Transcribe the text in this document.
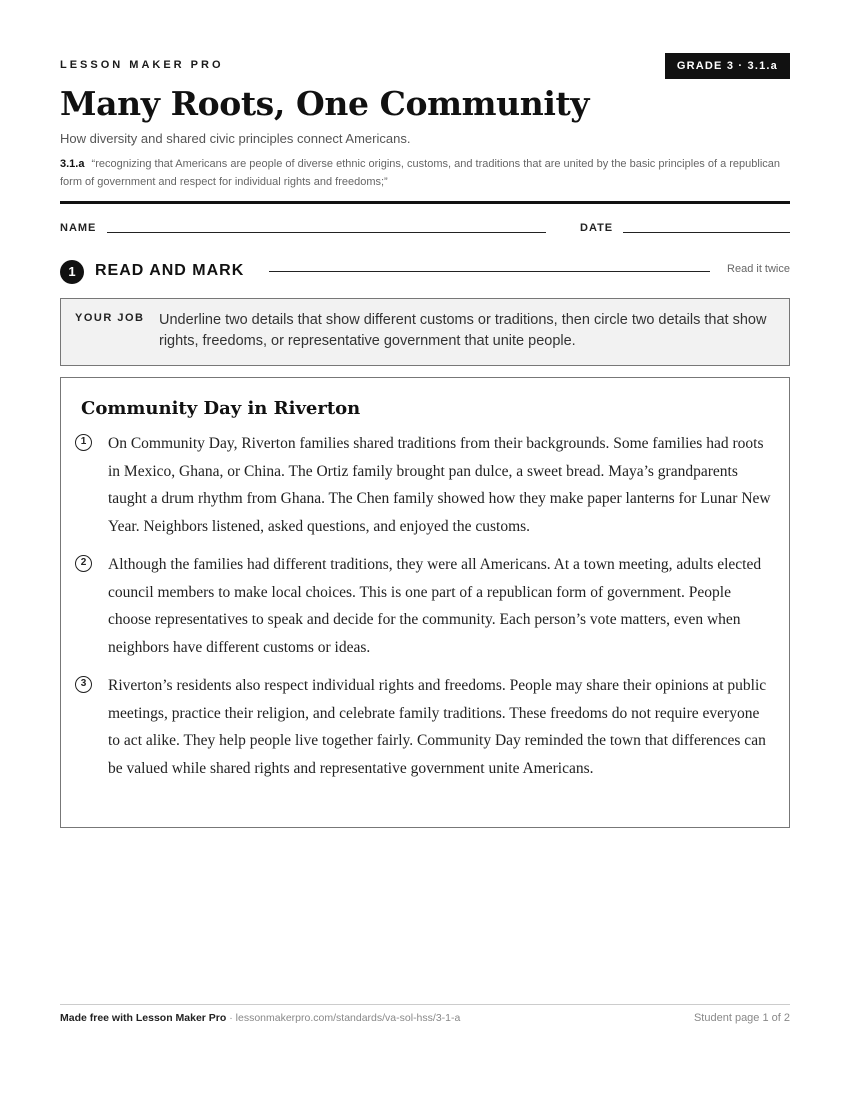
LESSON MAKER PRO	GRADE 3 · 3.1.a
Many Roots, One Community
How diversity and shared civic principles connect Americans.
3.1.a “recognizing that Americans are people of diverse ethnic origins, customs, and traditions that are united by the basic principles of a republican form of government and respect for individual rights and freedoms;”
NAME	DATE
1	READ AND MARK	Read it twice
YOUR JOB Underline two details that show different customs or traditions, then circle two details that show rights, freedoms, or representative government that unite people.
Community Day in Riverton
1	On Community Day, Riverton families shared traditions from their backgrounds. Some families had roots in Mexico, Ghana, or China. The Ortiz family brought pan dulce, a sweet bread. Maya’s grandparents taught a drum rhythm from Ghana. The Chen family showed how they make paper lanterns for Lunar New Year. Neighbors listened, asked questions, and enjoyed the customs.
2	Although the families had different traditions, they were all Americans. At a town meeting, adults elected council members to make local choices. This is one part of a republican form of government. People choose representatives to speak and decide for the community. Each person’s vote matters, even when neighbors have different customs or ideas.
3	Riverton’s residents also respect individual rights and freedoms. People may share their opinions at public meetings, practice their religion, and celebrate family traditions. These freedoms do not require everyone to act alike. They help people live together fairly. Community Day reminded the town that differences can be valued while shared rights and representative government unite Americans.
Made free with Lesson Maker Pro · lessonmakerpro.com/standards/va-sol-hss/3-1-a	Student page 1 of 2
